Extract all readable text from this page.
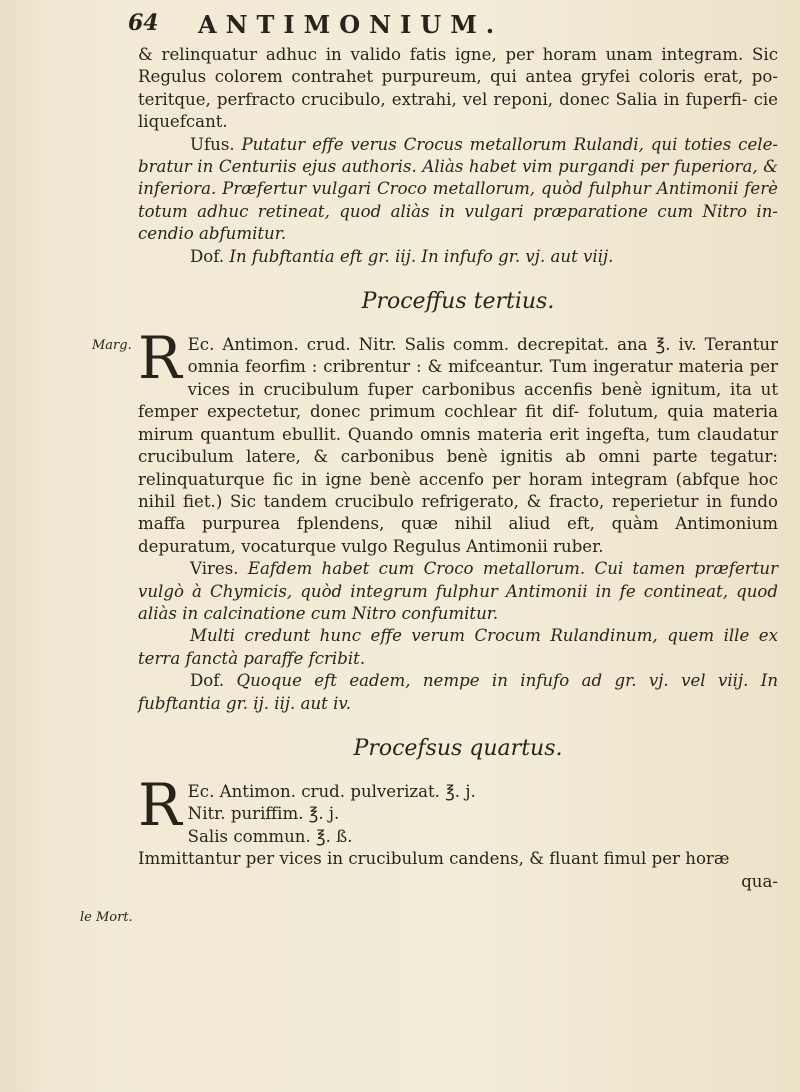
64 ANTIMONIUM.

& relinquatur adhuc in valido fatis igne, per horam unam integram. Sic Regulus colorem contrahet purpureum, qui antea gryfei coloris erat, po- teritque, perfracto crucibulo, extrahi, vel reponi, donec Salia in fuperfi- cie liquefcant.

Ufus. Putatur effe verus Crocus metallorum Rulandi, qui toties cele- bratur in Centuriis ejus authoris. Aliàs habet vim purgandi per fuperiora, & inferiora. Præfertur vulgari Croco metallorum, quòd fulphur Antimonii ferè totum adhuc retineat, quod aliàs in vulgari præparatione cum Nitro in- cendio abfumitur.

Dof. In fubftantia eft gr. iij. In infufo gr. vj. aut viij.

Proceffus tertius.

R Ec. Antimon. crud. Nitr. Salis comm. decrepitat. ana ℥. iv. Terantur omnia feorfim : cribrentur : & mifceantur. Tum ingeratur materia per vices in crucibulum fuper carbonibus accenfis benè ignitum, ita ut femper expectetur, donec primum cochlear fit dif- folutum, quia materia mirum quantum ebullit. Quando omnis materia erit ingefta, tum claudatur crucibulum latere, & carbonibus benè ignitis ab omni parte tegatur: relinquaturque fic in igne benè accenfo per horam integram (abfque hoc nihil fiet.) Sic tandem crucibulo refrigerato, & fracto, reperietur in fundo maffa purpurea fplendens, quæ nihil aliud eft, quàm Antimonium depuratum, vocaturque vulgo Regulus Antimonii ruber.

Vires. Eafdem habet cum Croco metallorum. Cui tamen præfertur vulgò à Chymicis, quòd integrum fulphur Antimonii in fe contineat, quod aliàs in calcinatione cum Nitro confumitur.

Multi credunt hunc effe verum Crocum Rulandinum, quem ille ex terra fanctà paraffe fcribit.

Dof. Quoque eft eadem, nempe in infufo ad gr. vj. vel viij. In fubftantia gr. ij. iij. aut iv.

Procefsus quartus.

R Ec. Antimon. crud. pulverizat. ℥. j.

Nitr. puriffim. ℥. j.

Salis commun. ℥. ß.

Immittantur per vices in crucibulum candens, & fluant fimul per horæ

qua-

Marg.
le Mort.
